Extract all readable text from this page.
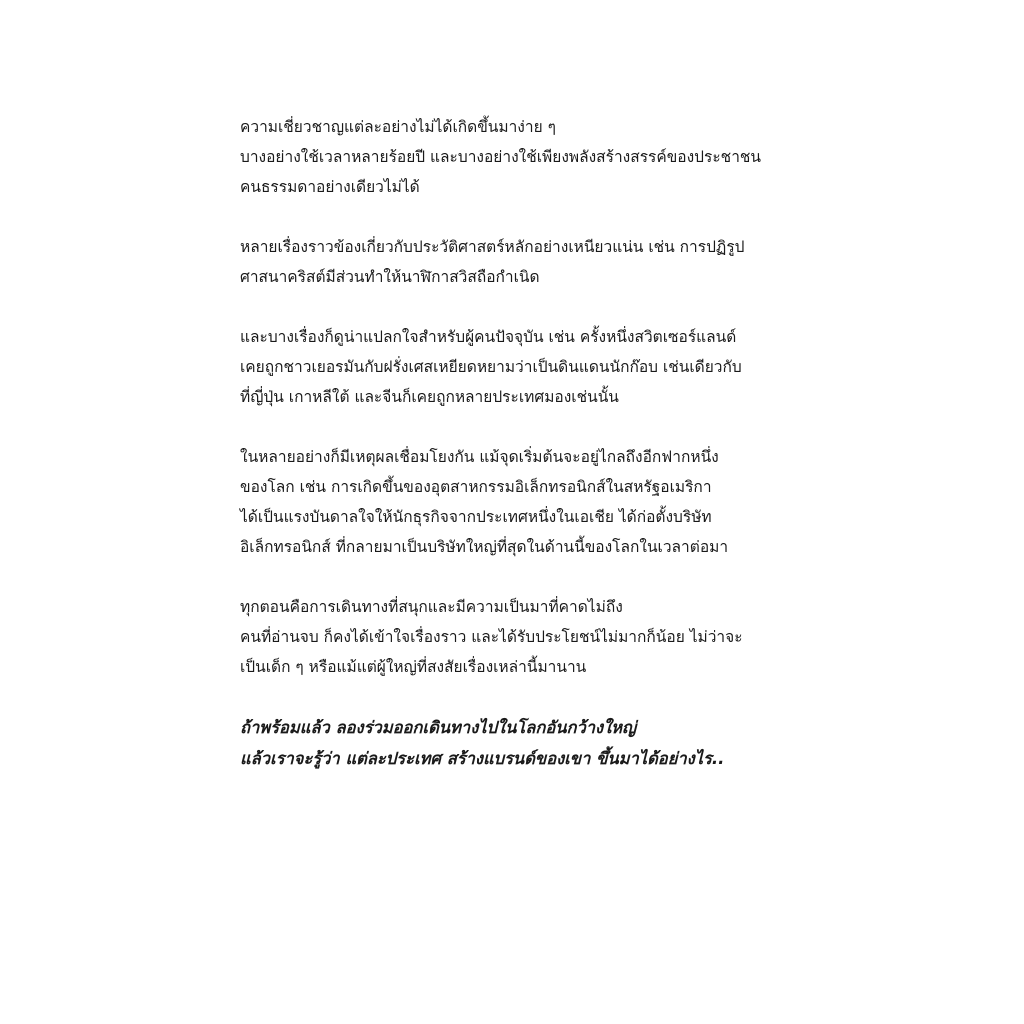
ความเชี่ยวชาญแต่ละอย่างไม่ได้เกิดขึ้นมาง่าย ๆ
บางอย่างใช้เวลาหลายร้อยปี และบางอย่างใช้เพียงพลังสร้างสรรค์ของประชาชน
คนธรรมดาอย่างเดียวไม่ได้

หลายเรื่องราวข้องเกี่ยวกับประวัติศาสตร์หลักอย่างเหนียวแน่น เช่น การปฏิรูป
ศาสนาคริสต์มีส่วนทำให้นาฬิกาสวิสถือกำเนิด

และบางเรื่องก็ดูน่าแปลกใจสำหรับผู้คนปัจจุบัน เช่น ครั้งหนึ่งสวิตเซอร์แลนด์
เคยถูกชาวเยอรมันกับฝรั่งเศสเหยียดหยามว่าเป็นดินแดนนักก๊อบ เช่นเดียวกับ
ที่ญี่ปุ่น เกาหลีใต้ และจีนก็เคยถูกหลายประเทศมองเช่นนั้น

ในหลายอย่างก็มีเหตุผลเชื่อมโยงกัน แม้จุดเริ่มต้นจะอยู่ไกลถึงอีกฟากหนึ่ง
ของโลก เช่น การเกิดขึ้นของอุตสาหกรรมอิเล็กทรอนิกส์ในสหรัฐอเมริกา
ได้เป็นแรงบันดาลใจให้นักธุรกิจจากประเทศหนึ่งในเอเชีย ได้ก่อตั้งบริษัท
อิเล็กทรอนิกส์ ที่กลายมาเป็นบริษัทใหญ่ที่สุดในด้านนี้ของโลกในเวลาต่อมา

ทุกตอนคือการเดินทางที่สนุกและมีความเป็นมาที่คาดไม่ถึง
คนที่อ่านจบ ก็คงได้เข้าใจเรื่องราว และได้รับประโยชน์ไม่มากก็น้อย ไม่ว่าจะ
เป็นเด็ก ๆ หรือแม้แต่ผู้ใหญ่ที่สงสัยเรื่องเหล่านี้มานาน

ถ้าพร้อมแล้ว ลองร่วมออกเดินทางไปในโลกอันกว้างใหญ่
แล้วเราจะรู้ว่า แต่ละประเทศ สร้างแบรนด์ของเขา ขึ้นมาได้อย่างไร..
